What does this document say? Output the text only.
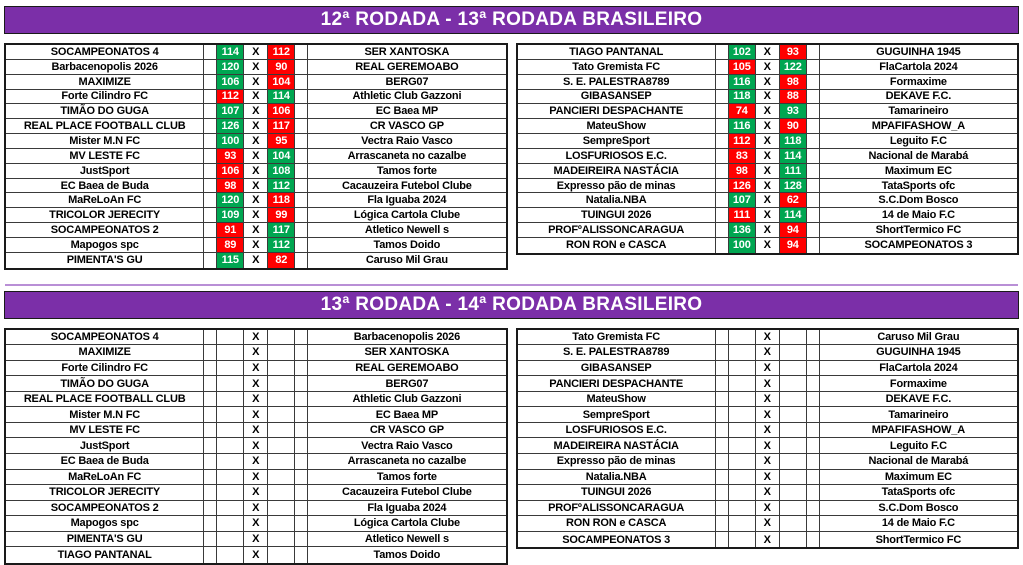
12ª RODADA - 13ª RODADA BRASILEIRO
SOCAMPEONATOS 4	114	X	112	SER XANTOSKA
Barbacenopolis 2026	120	X	90	REAL GEREMOABO
MAXIMIZE	106	X	104	BERG07
Forte Cilindro FC	112	X	114	Athletic Club Gazzoni
TIMÃO DO GUGA	107	X	106	EC Baea MP
REAL PLACE FOOTBALL CLUB	126	X	117	CR VASCO GP
Mister M.N FC	100	X	95	Vectra Raio Vasco
MV LESTE FC	93	X	104	Arrascaneta no cazalbe
JustSport	106	X	108	Tamos forte
EC Baea de Buda	98	X	112	Cacauzeira Futebol Clube
MaReLoAn FC	120	X	118	Fla Iguaba 2024
TRICOLOR JERECITY	109	X	99	Lógica Cartola Clube
SOCAMPEONATOS 2	91	X	117	Atletico Newell s
Mapogos spc	89	X	112	Tamos Doido
PIMENTA'S GU	115	X	82	Caruso Mil Grau
TIAGO PANTANAL	102	X	93	GUGUINHA 1945
Tato Gremista FC	105	X	122	FlaCartola 2024
S. E. PALESTRA8789	116	X	98	Formaxime
GIBASANSEP	118	X	88	DEKAVE F.C.
PANCIERI DESPACHANTE	74	X	93	Tamarineiro
MateuShow	116	X	90	MPAFIFASHOW_A
SempreSport	112	X	118	Leguito F.C
LOSFURIOSOS E.C.	83	X	114	Nacional de Marabá
MADEIREIRA NASTÁCIA	98	X	111	Maximum EC
Expresso pão de minas	126	X	128	TataSports ofc
Natalia.NBA	107	X	62	S.C.Dom Bosco
TUINGUI 2026	111	X	114	14 de Maio F.C
PROFºALISSONCARAGUA	136	X	94	ShortTermico FC
RON RON e CASCA	100	X	94	SOCAMPEONATOS 3
13ª RODADA - 14ª RODADA BRASILEIRO
SOCAMPEONATOS 4	X	Barbacenopolis 2026
MAXIMIZE	X	SER XANTOSKA
Forte Cilindro FC	X	REAL GEREMOABO
TIMÃO DO GUGA	X	BERG07
REAL PLACE FOOTBALL CLUB	X	Athletic Club Gazzoni
Mister M.N FC	X	EC Baea MP
MV LESTE FC	X	CR VASCO GP
JustSport	X	Vectra Raio Vasco
EC Baea de Buda	X	Arrascaneta no cazalbe
MaReLoAn FC	X	Tamos forte
TRICOLOR JERECITY	X	Cacauzeira Futebol Clube
SOCAMPEONATOS 2	X	Fla Iguaba 2024
Mapogos spc	X	Lógica Cartola Clube
PIMENTA'S GU	X	Atletico Newell s
TIAGO PANTANAL	X	Tamos Doido
Tato Gremista FC	X	Caruso Mil Grau
S. E. PALESTRA8789	X	GUGUINHA 1945
GIBASANSEP	X	FlaCartola 2024
PANCIERI DESPACHANTE	X	Formaxime
MateuShow	X	DEKAVE F.C.
SempreSport	X	Tamarineiro
LOSFURIOSOS E.C.	X	MPAFIFASHOW_A
MADEIREIRA NASTÁCIA	X	Leguito F.C
Expresso pão de minas	X	Nacional de Marabá
Natalia.NBA	X	Maximum EC
TUINGUI 2026	X	TataSports ofc
PROFºALISSONCARAGUA	X	S.C.Dom Bosco
RON RON e CASCA	X	14 de Maio F.C
SOCAMPEONATOS 3	X	ShortTermico FC
